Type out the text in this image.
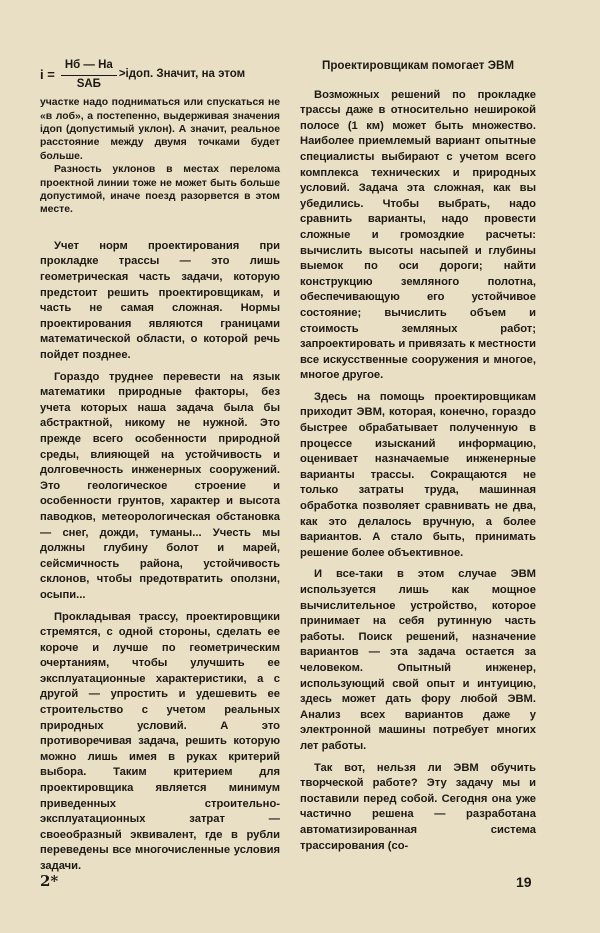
$i = \frac{Нб — На}{\text{SАБ}}$ >iдоп. Значит, на этом

участке надо подниматься или спускаться не «в лоб», а постепенно, выдерживая значения iдоп (допустимый уклон). А значит, реальное расстояние между двумя точками будет больше.

Разность уклонов в местах перелома проектной линии тоже не может быть больше допустимой, иначе поезд разорвется в этом месте.

Учет норм проектирования при прокладке трассы — это лишь геометрическая часть задачи, которую предстоит решить проектировщикам, и часть не самая сложная. Нормы проектирования являются границами математической области, о которой речь пойдет позднее.

Гораздо труднее перевести на язык математики природные факторы, без учета которых наша задача была бы абстрактной, никому не нужной. Это прежде всего особенности природной среды, влияющей на устойчивость и долговечность инженерных сооружений. Это геологическое строение и особенности грунтов, характер и высота паводков, метеорологическая обстановка — снег, дожди, туманы... Учесть мы должны глубину болот и марей, сейсмичность района, устойчивость склонов, чтобы предотвратить оползни, осыпи...

Прокладывая трассу, проектировщики стремятся, с одной стороны, сделать ее короче и лучше по геометрическим очертаниям, чтобы улучшить ее эксплуатационные характеристики, а с другой — упростить и удешевить ее строительство с учетом реальных природных условий. А это противоречивая задача, решить которую можно лишь имея в руках критерий выбора. Таким критерием для проектировщика является минимум приведенных строительно-эксплуатационных затрат — своеобразный эквивалент, где в рубли переведены все многочисленные условия задачи.

Проектировщикам помогает ЭВМ

Возможных решений по прокладке трассы даже в относительно неширокой полосе (1 км) может быть множество. Наиболее приемлемый вариант опытные специалисты выбирают с учетом всего комплекса технических и природных условий. Задача эта сложная, как вы убедились. Чтобы выбрать, надо сравнить варианты, надо провести сложные и громоздкие расчеты: вычислить высоты насыпей и глубины выемок по оси дороги; найти конструкцию земляного полотна, обеспечивающую его устойчивое состояние; вычислить объем и стоимость земляных работ; запроектировать и привязать к местности все искусственные сооружения и многое, многое другое.

Здесь на помощь проектировщикам приходит ЭВМ, которая, конечно, гораздо быстрее обрабатывает полученную в процессе изысканий информацию, оценивает назначаемые инженерные варианты трассы. Сокращаются не только затраты труда, машинная обработка позволяет сравнивать не два, как это делалось вручную, а более вариантов. А стало быть, принимать решение более объективное.

И все-таки в этом случае ЭВМ используется лишь как мощное вычислительное устройство, которое принимает на себя рутинную часть работы. Поиск решений, назначение вариантов — эта задача остается за человеком. Опытный инженер, использующий свой опыт и интуицию, здесь может дать фору любой ЭВМ. Анализ всех вариантов даже у электронной машины потребует многих лет работы.

Так вот, нельзя ли ЭВМ обучить творческой работе? Эту задачу мы и поставили перед собой. Сегодня она уже частично решена — разработана автоматизированная система трассирования (со-

2*	19
